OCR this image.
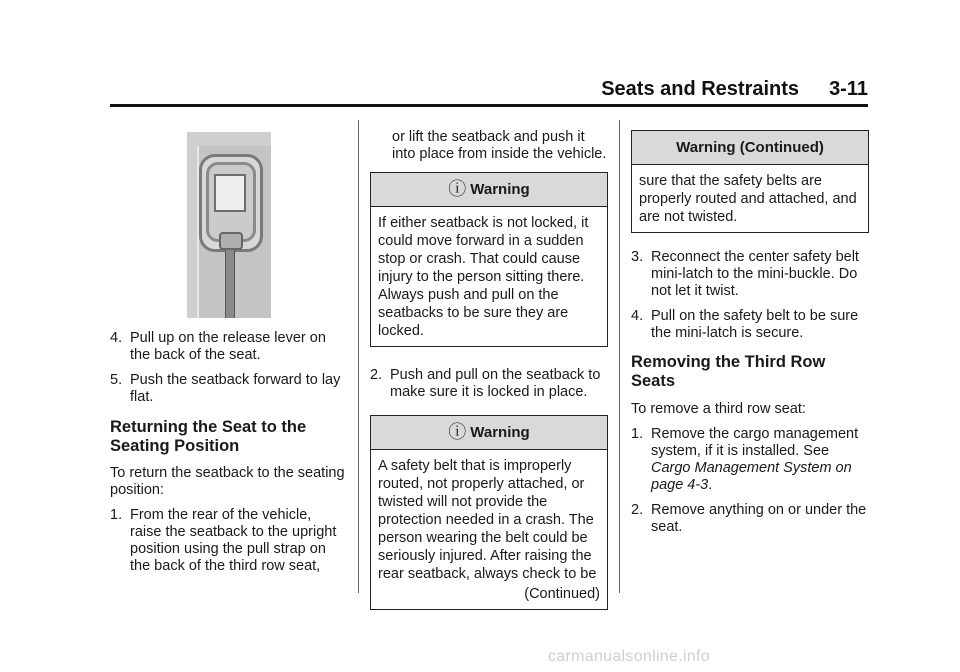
Seats and Restraints 3-11
4. Pull up on the release lever on the back of the seat.
5. Push the seatback forward to lay flat.
Returning the Seat to the Seating Position

To return the seatback to the seating position:

1. From the rear of the vehicle, raise the seatback to the upright position using the pull strap on the back of the third row seat,

or lift the seatback and push it into place from inside the vehicle.

ⓘ Warning
If either seatback is not locked, it could move forward in a sudden stop or crash. That could cause injury to the person sitting there. Always push and pull on the seatbacks to be sure they are locked.
2. Push and pull on the seatback to make sure it is locked in place.
ⓘ Warning
A safety belt that is improperly routed, not properly attached, or twisted will not provide the protection needed in a crash. The person wearing the belt could be seriously injured. After raising the rear seatback, always check to be
(Continued)
Warning (Continued)
sure that the safety belts are properly routed and attached, and are not twisted.
3. Reconnect the center safety belt mini-latch to the mini-buckle. Do not let it twist.
4. Pull on the safety belt to be sure the mini-latch is secure.
Removing the Third Row Seats

To remove a third row seat:

1. Remove the cargo management system, if it is installed. See Cargo Management System on page 4-3.
2. Remove anything on or under the seat.
carmanualsonline.info
